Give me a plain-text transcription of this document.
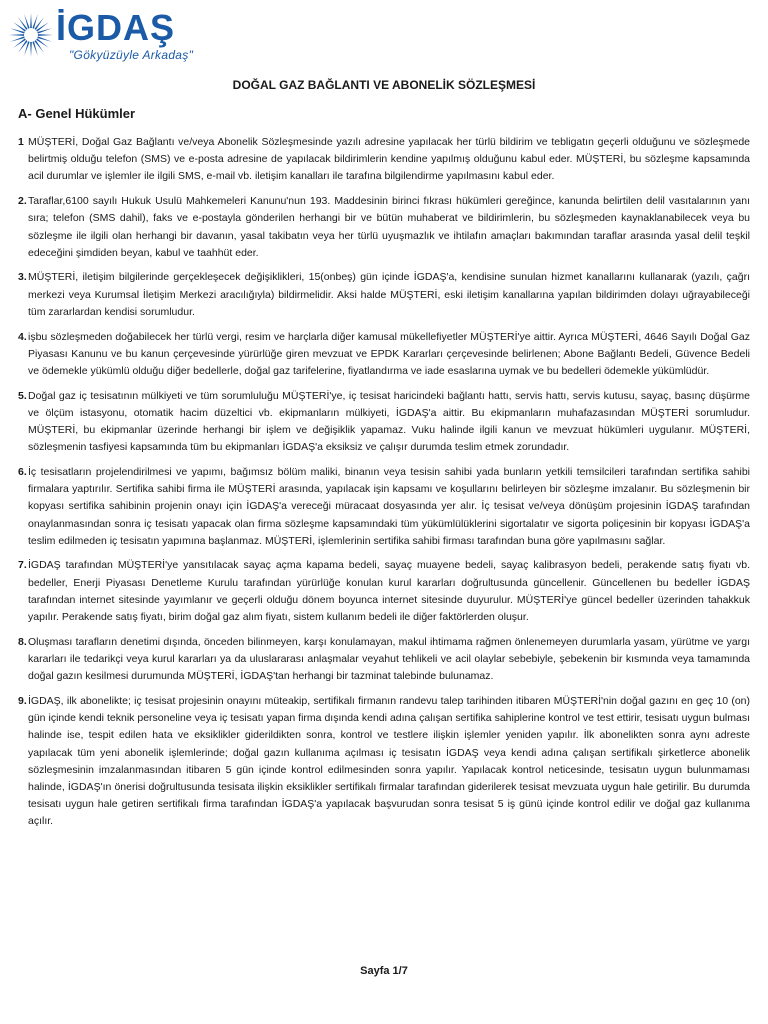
İGDAŞ
"Gökyüzüyle Arkadaş"
DOĞAL GAZ BAĞLANTI VE ABONELİK SÖZLEŞMESİ
A- Genel Hükümler
1 MÜŞTERİ, Doğal Gaz Bağlantı ve/veya Abonelik Sözleşmesinde yazılı adresine yapılacak her türlü bildirim ve tebligatın geçerli olduğunu ve sözleşmede belirtmiş olduğu telefon (SMS) ve e-posta adresine de yapılacak bildirimlerin kendine yapılmış olduğunu kabul eder. MÜŞTERİ, bu sözleşme kapsamında acil durumlar ve işlemler ile ilgili SMS, e-mail vb. iletişim kanalları ile tarafına bilgilendirme yapılmasını kabul eder.
2. Taraflar,6100 sayılı Hukuk Usulü Mahkemeleri Kanunu'nun 193. Maddesinin birinci fıkrası hükümleri gereğince, kanunda belirtilen delil vasıtalarının yanı sıra; telefon (SMS dahil), faks ve e-postayla gönderilen herhangi bir ve bütün muhaberat ve bildirimlerin, bu sözleşmeden kaynaklanabilecek veya bu sözleşme ile ilgili olan herhangi bir davanın, yasal takibatın veya her türlü uyuşmazlık ve ihtilafın amaçları bakımından taraflar arasında yasal delil teşkil edeceğini şimdiden beyan, kabul ve taahhüt eder.
3. MÜŞTERİ, iletişim bilgilerinde gerçekleşecek değişiklikleri, 15(onbeş) gün içinde İGDAŞ'a, kendisine sunulan hizmet kanallarını kullanarak (yazılı, çağrı merkezi veya Kurumsal İletişim Merkezi aracılığıyla) bildirmelidir. Aksi halde MÜŞTERİ, eski iletişim kanallarına yapılan bildirimden dolayı uğrayabileceği tüm zararlardan kendisi sorumludur.
4. işbu sözleşmeden doğabilecek her türlü vergi, resim ve harçlarla diğer kamusal mükellefiyetler MÜŞTERİ'ye aittir. Ayrıca MÜŞTERİ, 4646 Sayılı Doğal Gaz Piyasası Kanunu ve bu kanun çerçevesinde yürürlüğe giren mevzuat ve EPDK Kararları çerçevesinde belirlenen; Abone Bağlantı Bedeli, Güvence Bedeli ve ödemekle yükümlü olduğu diğer bedellerle, doğal gaz tarifelerine, fiyatlandırma ve iade esaslarına uymak ve bu bedelleri ödemekle yükümlüdür.
5. Doğal gaz iç tesisatının mülkiyeti ve tüm sorumluluğu MÜŞTERİ'ye, iç tesisat haricindeki bağlantı hattı, servis hattı, servis kutusu, sayaç, basınç düşürme ve ölçüm istasyonu, otomatik hacim düzeltici vb. ekipmanların mülkiyeti, İGDAŞ'a aittir. Bu ekipmanların muhafazasından MÜŞTERİ sorumludur. MÜŞTERİ, bu ekipmanlar üzerinde herhangi bir işlem ve değişiklik yapamaz. Vuku halinde ilgili kanun ve mevzuat hükümleri uygulanır. MÜŞTERİ, sözleşmenin tasfiyesi kapsamında tüm bu ekipmanları İGDAŞ'a eksiksiz ve çalışır durumda teslim etmek zorundadır.
6. İç tesisatların projelendirilmesi ve yapımı, bağımsız bölüm maliki, binanın veya tesisin sahibi yada bunların yetkili temsilcileri tarafından sertifika sahibi firmalara yaptırılır. Sertifika sahibi firma ile MÜŞTERİ arasında, yapılacak işin kapsamı ve koşullarını belirleyen bir sözleşme imzalanır. Bu sözleşmenin bir kopyası sertifika sahibinin projenin onayı için İGDAŞ'a vereceği müracaat dosyasında yer alır. İç tesisat ve/veya dönüşüm projesinin İGDAŞ tarafından onaylanmasından sonra iç tesisatı yapacak olan firma sözleşme kapsamındaki tüm yükümlülüklerini sigortalatır ve sigorta poliçesinin bir kopyası İGDAŞ'a teslim edilmeden iç tesisatın yapımına başlanmaz. MÜŞTERİ, işlemlerinin sertifika sahibi firması tarafından buna göre yapılmasını sağlar.
7. İGDAŞ tarafından MÜŞTERİ'ye yansıtılacak sayaç açma kapama bedeli, sayaç muayene bedeli, sayaç kalibrasyon bedeli, perakende satış fiyatı vb. bedeller, Enerji Piyasası Denetleme Kurulu tarafından yürürlüğe konulan kurul kararları doğrultusunda güncellenir. Güncellenen bu bedeller İGDAŞ tarafından internet sitesinde yayımlanır ve geçerli olduğu dönem boyunca internet sitesinde duyurulur. MÜŞTERİ'ye güncel bedeller üzerinden tahakkuk yapılır. Perakende satış fiyatı, birim doğal gaz alım fiyatı, sistem kullanım bedeli ile diğer faktörlerden oluşur.
8. Oluşması tarafların denetimi dışında, önceden bilinmeyen, karşı konulamayan, makul ihtimama rağmen önlenemeyen durumlarla yasam, yürütme ve yargı kararları ile tedarikçi veya kurul kararları ya da uluslararası anlaşmalar veyahut tehlikeli ve acil olaylar sebebiyle, şebekenin bir kısmında veya tamamında doğal gazın kesilmesi durumunda MÜŞTERİ, İGDAŞ'tan herhangi bir tazminat talebinde bulunamaz.
9. İGDAŞ, ilk abonelikte; iç tesisat projesinin onayını müteakip, sertifikalı firmanın randevu talep tarihinden itibaren MÜŞTERİ'nin doğal gazını en geç 10 (on) gün içinde kendi teknik personeline veya iç tesisatı yapan firma dışında kendi adına çalışan sertifika sahiplerine kontrol ve test ettirir, tesisatı uygun bulması halinde ise, tespit edilen hata ve eksiklikler giderildikten sonra, kontrol ve testlere ilişkin işlemler yeniden yapılır. İlk abonelikten sonra aynı adreste yapılacak tüm yeni abonelik işlemlerinde; doğal gazın kullanıma açılması iç tesisatın İGDAŞ veya kendi adına çalışan sertifikalı şirketlerce abonelik sözleşmesinin imzalanmasından itibaren 5 gün içinde kontrol edilmesinden sonra yapılır. Yapılacak kontrol neticesinde, tesisatın uygun bulunmaması halinde, İGDAŞ'ın önerisi doğrultusunda tesisata ilişkin eksiklikler sertifikalı firmalar tarafından giderilerek tesisat mevzuata uygun hale getirilir. Bu durumda tesisatı uygun hale getiren sertifikalı firma tarafından İGDAŞ'a yapılacak başvurudan sonra tesisat 5 iş günü içinde kontrol edilir ve doğal gaz kullanıma açılır.
Sayfa 1/7
